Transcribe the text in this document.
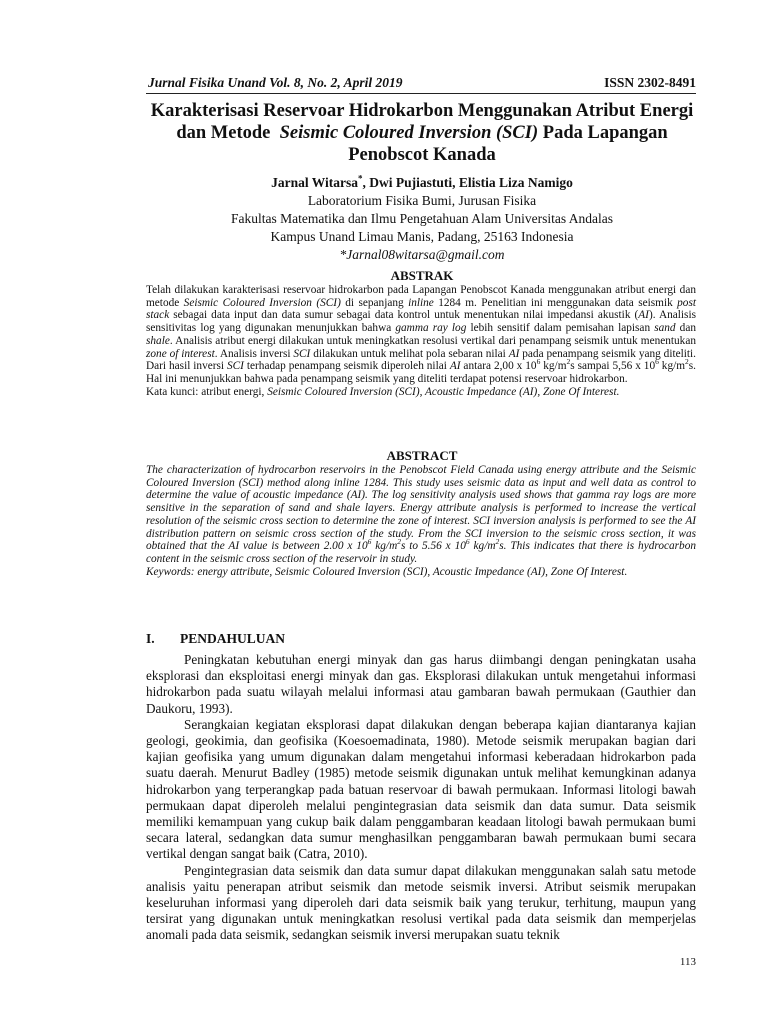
Jurnal Fisika Unand Vol. 8, No. 2, April 2019	ISSN 2302-8491
Karakterisasi Reservoar Hidrokarbon Menggunakan Atribut Energi
dan Metode Seismic Coloured Inversion (SCI) Pada Lapangan
Penobscot Kanada
Jarnal Witarsa*, Dwi Pujiastuti, Elistia Liza Namigo
Laboratorium Fisika Bumi, Jurusan Fisika
Fakultas Matematika dan Ilmu Pengetahuan Alam Universitas Andalas
Kampus Unand Limau Manis, Padang, 25163 Indonesia
*Jarnal08witarsa@gmail.com
ABSTRAK
Telah dilakukan karakterisasi reservoar hidrokarbon pada Lapangan Penobscot Kanada menggunakan atribut energi dan metode Seismic Coloured Inversion (SCI) di sepanjang inline 1284 m. Penelitian ini menggunakan data seismik post stack sebagai data input dan data sumur sebagai data kontrol untuk menentukan nilai impedansi akustik (AI). Analisis sensitivitas log yang digunakan menunjukkan bahwa gamma ray log lebih sensitif dalam pemisahan lapisan sand dan shale. Analisis atribut energi dilakukan untuk meningkatkan resolusi vertikal dari penampang seismik untuk menentukan zone of interest. Analisis inversi SCI dilakukan untuk melihat pola sebaran nilai AI pada penampang seismik yang diteliti. Dari hasil inversi SCI terhadap penampang seismik diperoleh nilai AI antara 2,00 x $10^6$ $kg/m^2s$ sampai 5,56 x $10^6$ $kg/m^2s$. Hal ini menunjukkan bahwa pada penampang seismik yang diteliti terdapat potensi reservoar hidrokarbon.
Kata kunci: atribut energi, Seismic Coloured Inversion (SCI), Acoustic Impedance (AI), Zone Of Interest.
ABSTRACT
The characterization of hydrocarbon reservoirs in the Penobscot Field Canada using energy attribute and the Seismic Coloured Inversion (SCI) method along inline 1284. This study uses seismic data as input and well data as control to determine the value of acoustic impedance (AI). The log sensitivity analysis used shows that gamma ray logs are more sensitive in the separation of sand and shale layers. Energy attribute analysis is performed to increase the vertical resolution of the seismic cross section to determine the zone of interest. SCI inversion analysis is performed to see the AI distribution pattern on seismic cross section of the study. From the SCI inversion to the seismic cross section, it was obtained that the AI value is between 2.00 x $10^6$ $kg/m^2s$ to 5.56 x $10^6$ $kg/m^2s$. This indicates that there is hydrocarbon content in the seismic cross section of the reservoir in study.
Keywords: energy attribute, Seismic Coloured Inversion (SCI), Acoustic Impedance (AI), Zone Of Interest.
I. PENDAHULUAN

Peningkatan kebutuhan energi minyak dan gas harus diimbangi dengan peningkatan usaha eksplorasi dan eksploitasi energi minyak dan gas. Eksplorasi dilakukan untuk mengetahui informasi hidrokarbon pada suatu wilayah melalui informasi atau gambaran bawah permukaan (Gauthier dan Daukoru, 1993).

Serangkaian kegiatan eksplorasi dapat dilakukan dengan beberapa kajian diantaranya kajian geologi, geokimia, dan geofisika (Koesoemadinata, 1980). Metode seismik merupakan bagian dari kajian geofisika yang umum digunakan dalam mengetahui informasi keberadaan hidrokarbon pada suatu daerah. Menurut Badley (1985) metode seismik digunakan untuk melihat kemungkinan adanya hidrokarbon yang terperangkap pada batuan reservoar di bawah permukaan. Informasi litologi bawah permukaan dapat diperoleh melalui pengintegrasian data seismik dan data sumur. Data seismik memiliki kemampuan yang cukup baik dalam penggambaran keadaan litologi bawah permukaan bumi secara lateral, sedangkan data sumur menghasilkan penggambaran bawah permukaan bumi secara vertikal dengan sangat baik (Catra, 2010).

Pengintegrasian data seismik dan data sumur dapat dilakukan menggunakan salah satu metode analisis yaitu penerapan atribut seismik dan metode seismik inversi. Atribut seismik merupakan keseluruhan informasi yang diperoleh dari data seismik baik yang terukur, terhitung, maupun yang tersirat yang digunakan untuk meningkatkan resolusi vertikal pada data seismik dan memperjelas anomali pada data seismik, sedangkan seismik inversi merupakan suatu teknik

113
